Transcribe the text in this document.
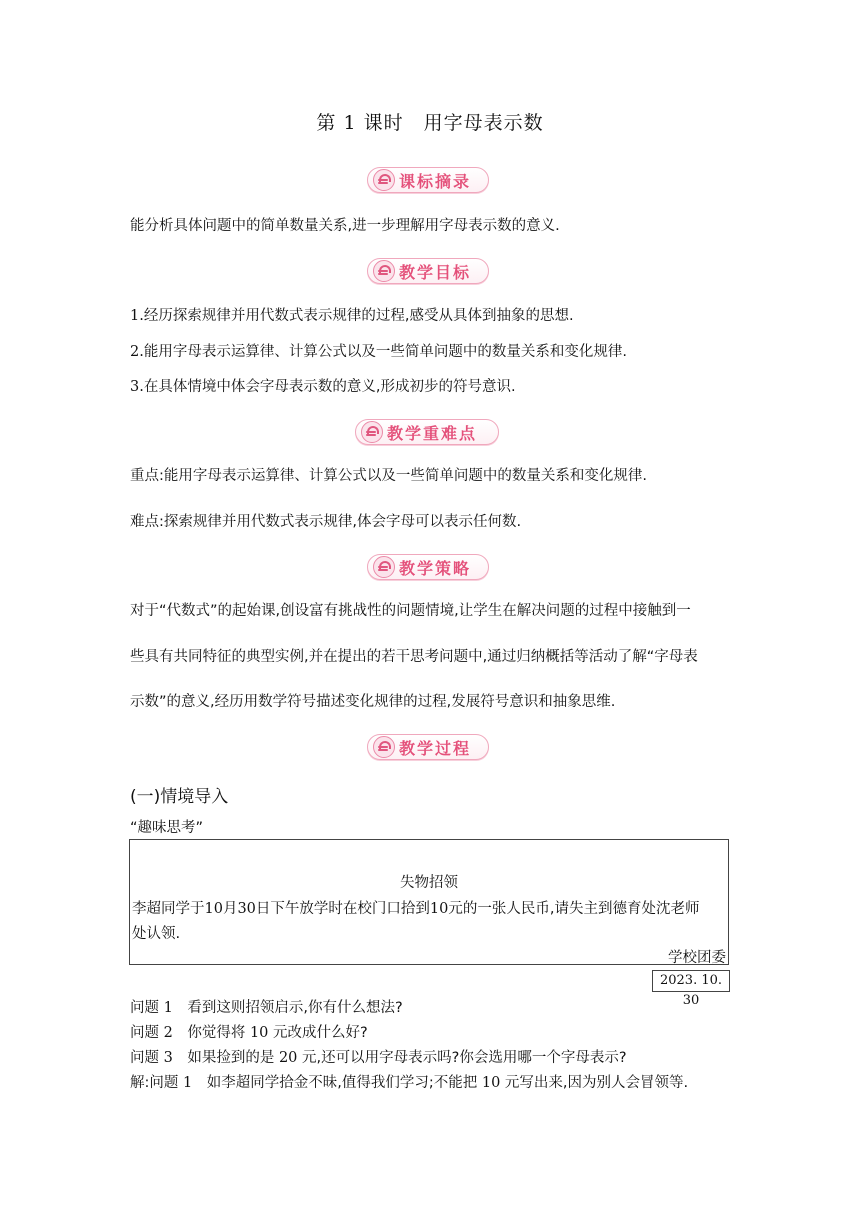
第 1 课时　用字母表示数
课标摘录
能分析具体问题中的简单数量关系,进一步理解用字母表示数的意义.
教学目标
1.经历探索规律并用代数式表示规律的过程,感受从具体到抽象的思想.
2.能用字母表示运算律、计算公式以及一些简单问题中的数量关系和变化规律.
3.在具体情境中体会字母表示数的意义,形成初步的符号意识.
教学重难点
重点:能用字母表示运算律、计算公式以及一些简单问题中的数量关系和变化规律.
难点:探索规律并用代数式表示规律,体会字母可以表示任何数.
教学策略
对于“代数式”的起始课,创设富有挑战性的问题情境,让学生在解决问题的过程中接触到一
些具有共同特征的典型实例,并在提出的若干思考问题中,通过归纳概括等活动了解“字母表
示数”的意义,经历用数学符号描述变化规律的过程,发展符号意识和抽象思维.
教学过程
(一)情境导入
“趣味思考”
失物招领
李超同学于10月30日下午放学时在校门口拾到10元的一张人民币,请失主到德育处沈老师
处认领.
学校团委
2023. 10. 30
问题 1　 看到这则招领启示,你有什么想法?
问题 2　 你觉得将 10 元改成什么好?
问题 3　 如果捡到的是 20 元,还可以用字母表示吗?你会选用哪一个字母表示?
解:问题 1　 如李超同学拾金不昧,值得我们学习;不能把 10 元写出来,因为别人会冒领等.
